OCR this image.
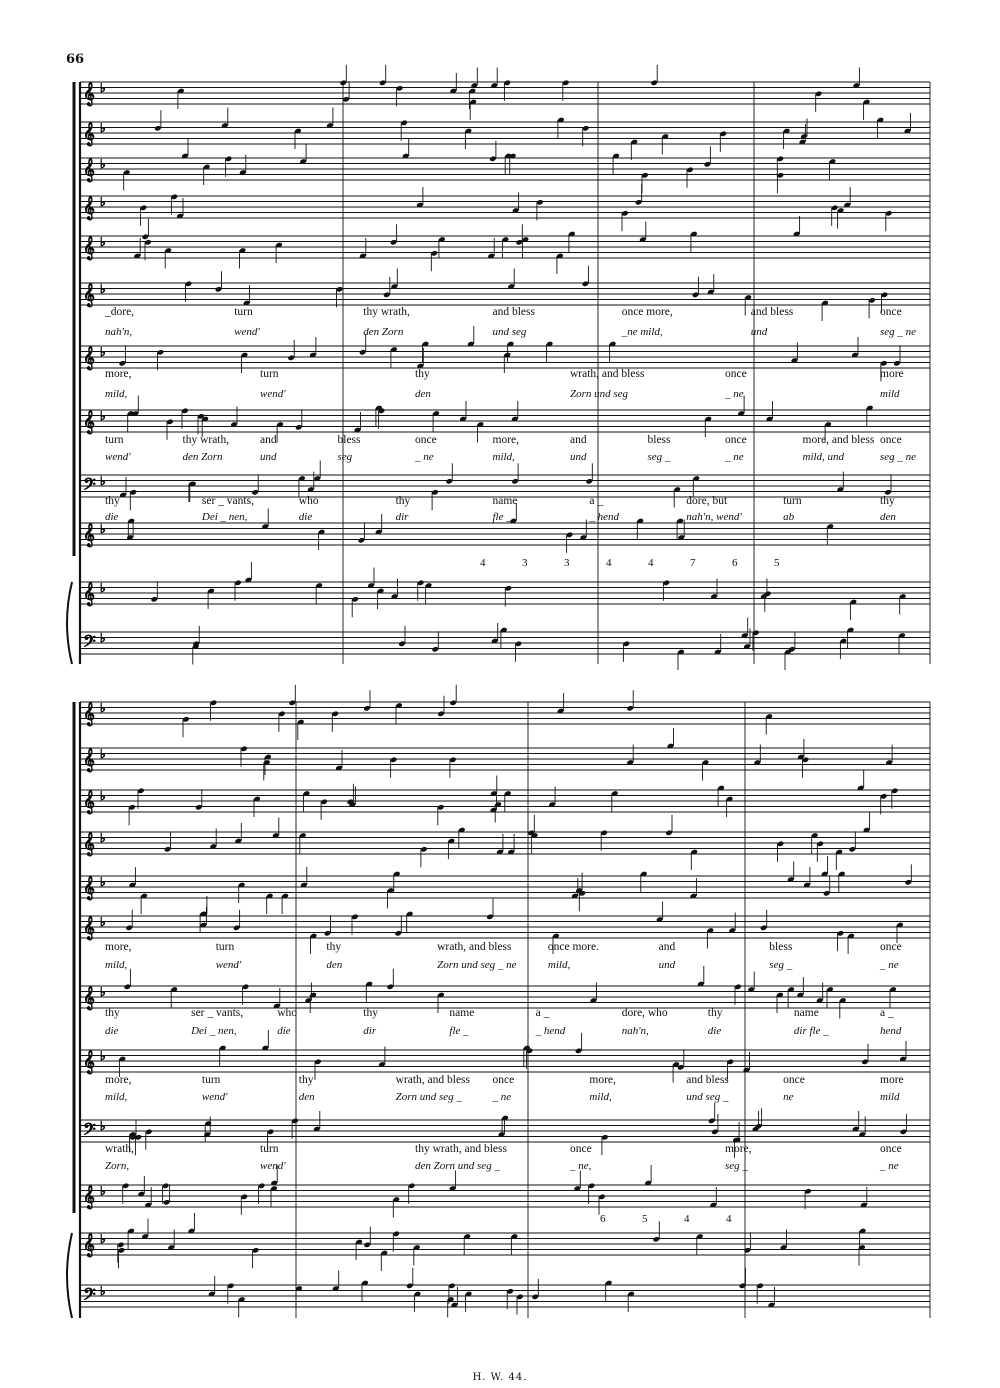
66
𝄞 ♭
𝄞 ♭
𝄞 ♭
𝄞 ♭
𝄞 ♭
𝄞 ♭
𝄞 ♭
𝄞 ♭
𝄢 ♭
𝄞 ♭
𝄞 ♭
𝄢 ♭
𝄞 ♭
𝄞 ♭
𝄞 ♭
𝄞 ♭
𝄞 ♭
𝄞 ♭
𝄞 ♭
𝄞 ♭
𝄢 ♭
𝄞 ♭
𝄞 ♭
𝄢 ♭
_dore,	turn	thy wrath,	and bless	once more,	and bless	once
nah'n,	wend'	den Zorn	und seg	_ne mild,	und	seg _ ne
more,	turn	thy	wrath, and bless	once	more
mild,	wend'	den	Zorn und seg	_ ne	mild
turn	thy wrath,	and	bless	once	more,	and	bless	once	more, and bless once
wend'	den Zorn	und	seg	_ ne	mild,	und	seg _	_ ne	mild, und	seg _ ne
thy	ser _ vants,	who	thy	name	a _	dore, but	turn	thy
die	Dei _ nen,	die	dir	fle _	_ hend	nah'n, wend'	ab	den
more,	turn	thy	wrath, and bless	once more.	and	bless	once
mild,	wend'	den	Zorn und seg _ ne	mild,	und	seg _	_ ne
thy	ser _ vants,	who	thy	name	a _	dore, who	thy	name	a _
die	Dei _ nen,	die	dir	fle _	_ hend	nah'n,	die	dir fle _	hend
more,	turn	thy	wrath, and bless once	more,	and bless	once	more
mild,	wend'	den	Zorn und seg _	_ ne	mild,	und seg _	ne	mild
wrath,	turn	thy wrath, and bless	once	more,	once
Zorn,	wend'	den Zorn und seg _	_ ne,	seg _	_ ne
4	3	3	4	4	7	6	5
6	5	4	4
H. W. 44.
